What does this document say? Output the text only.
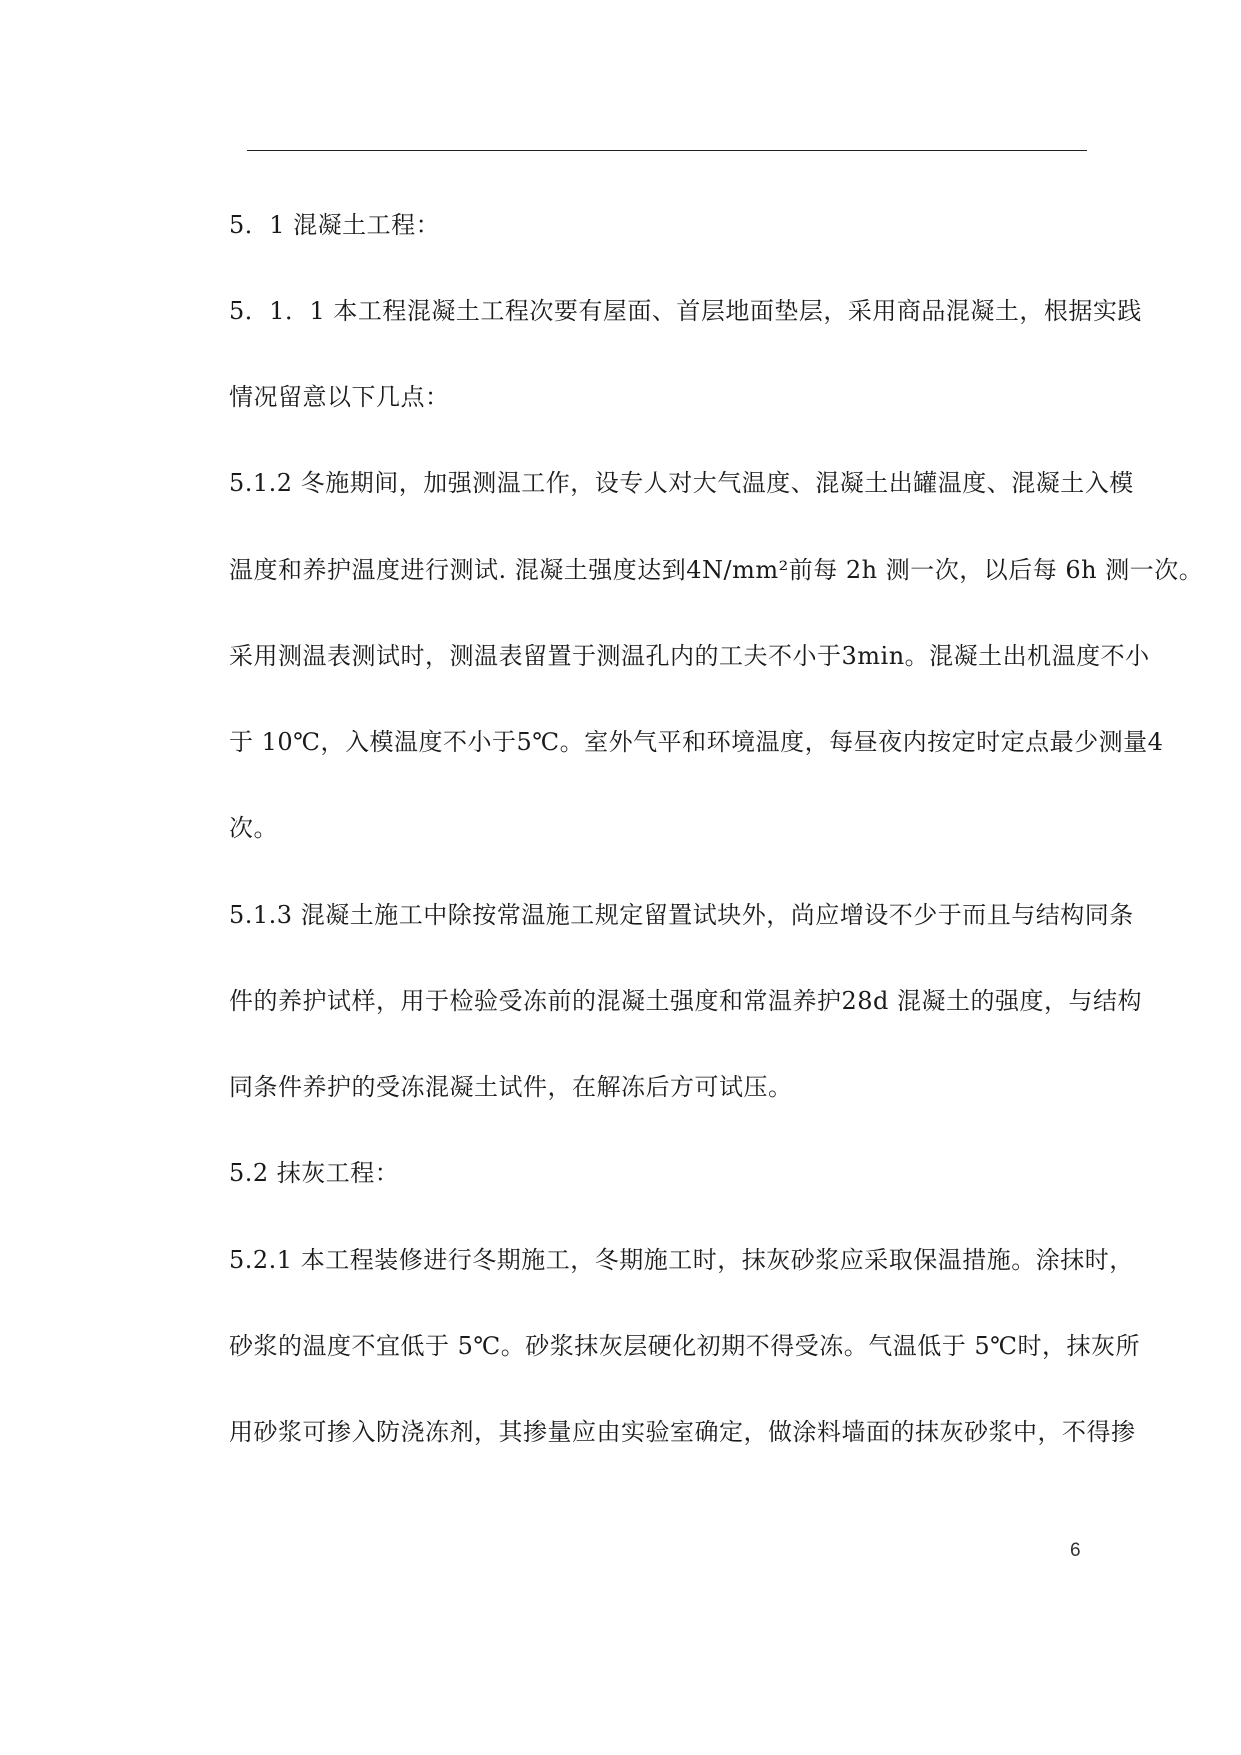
5．1 混凝土工程：
5．1．1 本工程混凝土工程次要有屋面、首层地面垫层，采用商品混凝土，根据实践
情况留意以下几点：
5.1.2 冬施期间，加强测温工作，设专人对大气温度、混凝土出罐温度、混凝土入模
温度和养护温度进行测试. 混凝土强度达到4N/mm²前每 2h 测一次，以后每 6h 测一次。
采用测温表测试时，测温表留置于测温孔内的工夫不小于3min。混凝土出机温度不小
于 10℃，入模温度不小于5℃。室外气平和环境温度，每昼夜内按定时定点最少测量4
次。
5.1.3 混凝土施工中除按常温施工规定留置试块外，尚应增设不少于而且与结构同条
件的养护试样，用于检验受冻前的混凝土强度和常温养护28d 混凝土的强度，与结构
同条件养护的受冻混凝土试件，在解冻后方可试压。
5.2 抹灰工程：
5.2.1 本工程装修进行冬期施工，冬期施工时，抹灰砂浆应采取保温措施。涂抹时，
砂浆的温度不宜低于 5℃。砂浆抹灰层硬化初期不得受冻。气温低于 5℃时，抹灰所
用砂浆可掺入防浇冻剂，其掺量应由实验室确定，做涂料墙面的抹灰砂浆中，不得掺
6
